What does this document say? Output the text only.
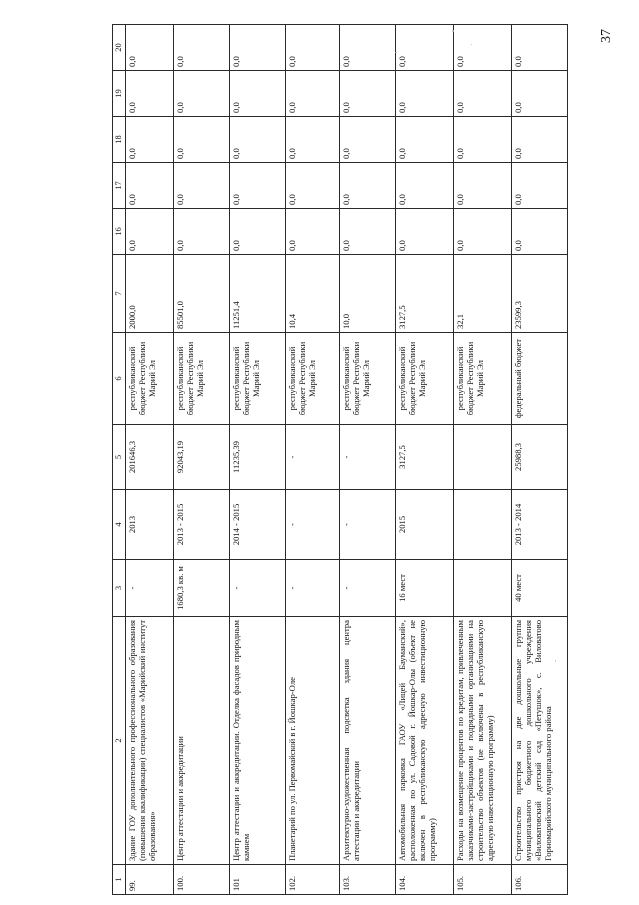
37
1	2	3	4	5	6	7	16	17	18	19	20
99.	Здание ГОУ дополнительного профессионального образования (повышения квалификации) специалистов «Марийский институт образования»	-	2013	201646,3	республиканский бюджет Республики Марий Эл	2000,0	0,0	0,0	0,0	0,0	0,0
100.	Центр аттестации и аккредитации	1680,3 кв. м	2013 - 2015	92043,19	республиканский бюджет Республики Марий Эл	85501,0	0,0	0,0	0,0	0,0	0,0
101	Центр аттестации и аккредитации. Отделка фасадов природным камнем	-	2014 - 2015	11235,39	республиканский бюджет Республики Марий Эл	11251,4	0,0	0,0	0,0	0,0	0,0
102.	Планетарий по ул. Первомайской в г. Йошкар-Оле	-	-	-	республиканский бюджет Республики Марий Эл	10,4	0,0	0,0	0,0	0,0	0,0
103.	Архитектурно-художественная подсветка здания центра аттестации и аккредитации	-	-	-	республиканский бюджет Республики Марий Эл	10,0	0,0	0,0	0,0	0,0	0,0
104.	Автомобильная парковка ГАОУ «Лицей Бауманский», расположенная по ул. Садовой г. Йошкар-Олы (объект не включен в республиканскую адресную инвестиционную программу)	16 мест	2015	3127,5	республиканский бюджет Республики Марий Эл	3127,5	0,0	0,0	0,0	0,0	0,0
105.	Расходы на возмещение процентов по кредитам, привлеченным заказчиками-застройщиками и подрядными организациями на строительство объектов (не включены в республиканскую адресную инвестиционную программу)				республиканский бюджет Республики Марий Эл	32,1	0,0	0,0	0,0	0,0	0,0
106.	Строительство пристроя на две дошкольные группы муниципального бюджетного дошкольного учреждения «Виловатовский детский сад «Петушок», с. Виловатово Горномарийского муниципального района	40 мест	2013 - 2014	25988,3	федеральный бюджет	23599,3	0,0	0,0	0,0	0,0	0,0
